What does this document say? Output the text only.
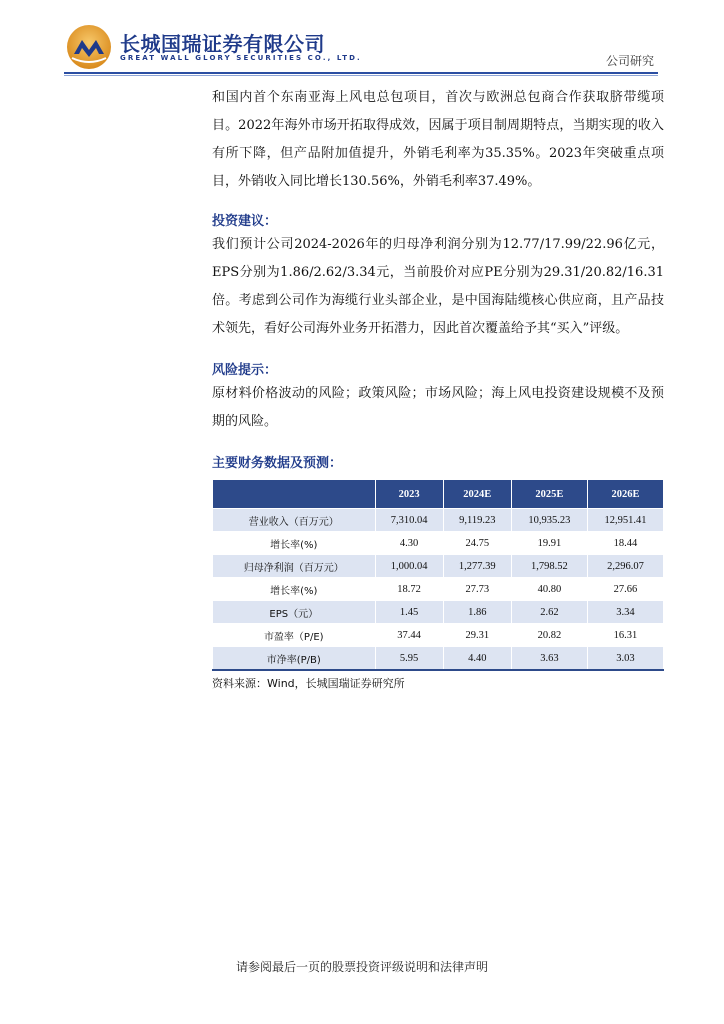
长城国瑞证券有限公司
GREAT WALL GLORY SECURITIES CO., LTD.	公司研究

和国内首个东南亚海上风电总包项目，首次与欧洲总包商合作获取脐带缆项目。2022年海外市场开拓取得成效，因属于项目制周期特点，当期实现的收入有所下降，但产品附加值提升，外销毛利率为35.35%。2023年突破重点项目，外销收入同比增长130.56%，外销毛利率37.49%。

投资建议：

我们预计公司2024-2026年的归母净利润分别为12.77/17.99/22.96亿元，EPS分别为1.86/2.62/3.34元，当前股价对应PE分别为29.31/20.82/16.31倍。考虑到公司作为海缆行业头部企业，是中国海陆缆核心供应商，且产品技术领先，看好公司海外业务开拓潜力，因此首次覆盖给予其“买入”评级。

风险提示：

原材料价格波动的风险；政策风险；市场风险；海上风电投资建设规模不及预期的风险。

主要财务数据及预测：

	2023	2024E	2025E	2026E
营业收入（百万元）	7,310.04	9,119.23	10,935.23	12,951.41
增长率(%)	4.30	24.75	19.91	18.44
归母净利润（百万元）	1,000.04	1,277.39	1,798.52	2,296.07
增长率(%)	18.72	27.73	40.80	27.66
EPS（元）	1.45	1.86	2.62	3.34
市盈率（P/E)	37.44	29.31	20.82	16.31
市净率(P/B)	5.95	4.40	3.63	3.03
资料来源：Wind，长城国瑞证券研究所
请参阅最后一页的股票投资评级说明和法律声明
